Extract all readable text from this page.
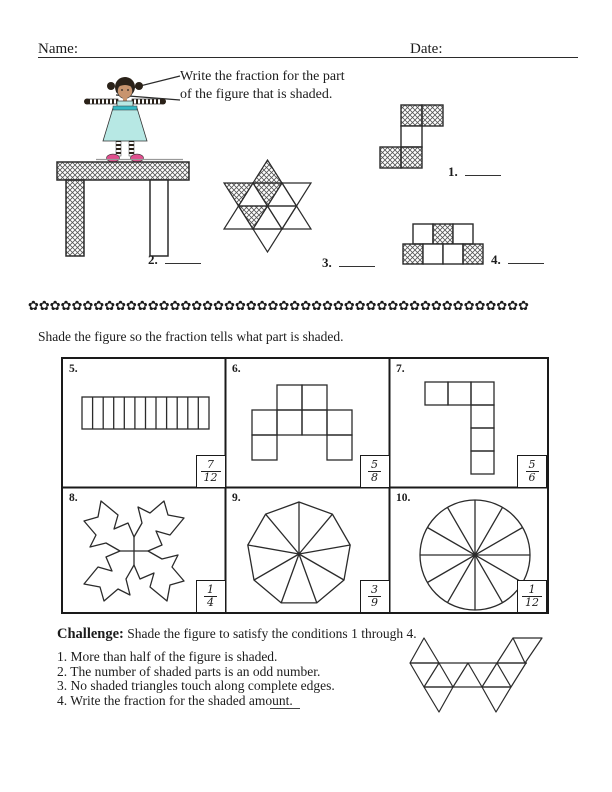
Name:	Date:
Write the fraction for the part
of the figure that is shaded.
1.
2.	3.	4.
✿✿✿✿✿✿✿✿✿✿✿✿✿✿✿✿✿✿✿✿✿✿✿✿✿✿✿✿✿✿✿✿✿✿✿✿✿✿✿✿✿✿✿✿✿✿
Shade the figure so the fraction tells what part is shaded.
5.	6.	7.
8.	9.	10.
$\frac{7}{12}$	$\frac{5}{8}$	$\frac{5}{6}$
$\frac{1}{4}$	$\frac{3}{9}$	$\frac{1}{12}$
Challenge: Shade the figure to satisfy the conditions 1 through 4.
1. More than half of the figure is shaded.
2. The number of shaded parts is an odd number.
3. No shaded triangles touch along complete edges.
4. Write the fraction for the shaded amount.
